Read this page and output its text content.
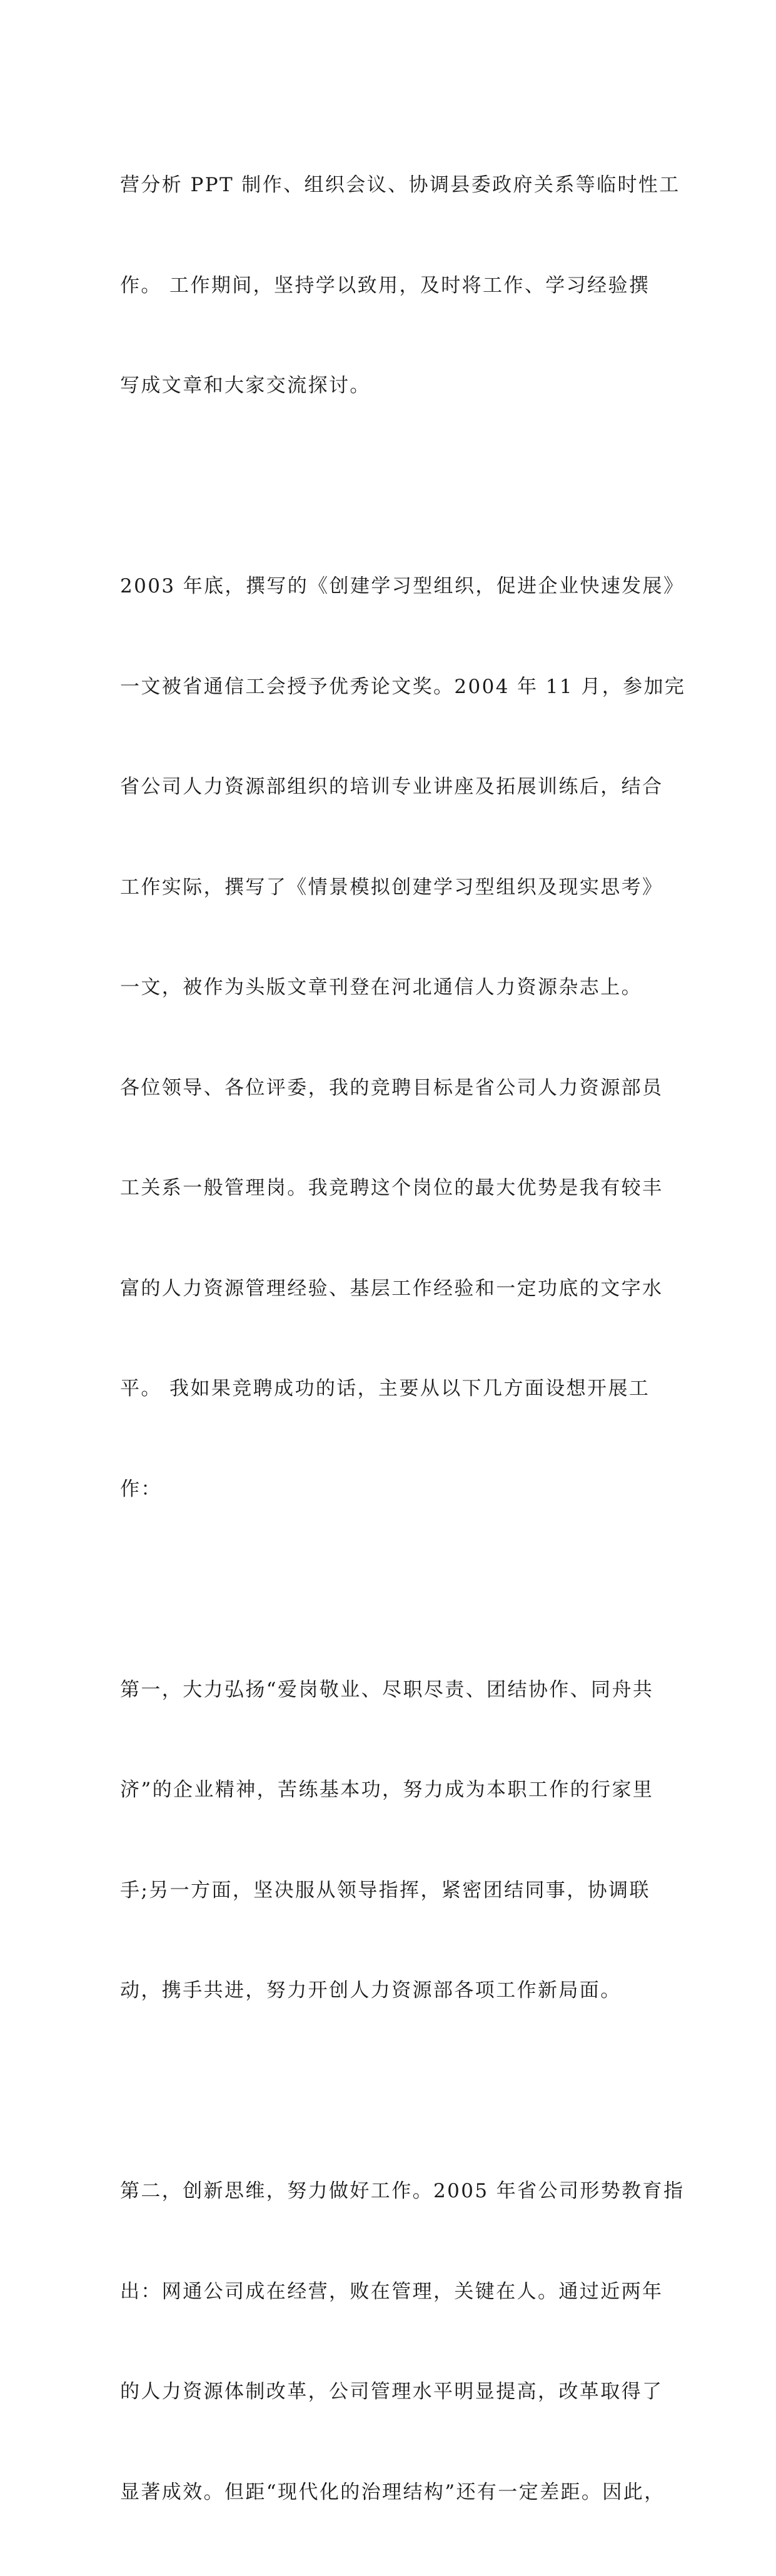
营分析 PPT 制作、组织会议、协调县委政府关系等临时性工

作。 工作期间，坚持学以致用，及时将工作、学习经验撰

写成文章和大家交流探讨。

2003 年底，撰写的《创建学习型组织，促进企业快速发展》

一文被省通信工会授予优秀论文奖。2004 年 11 月，参加完

省公司人力资源部组织的培训专业讲座及拓展训练后，结合

工作实际，撰写了《情景模拟创建学习型组织及现实思考》

一文，被作为头版文章刊登在河北通信人力资源杂志上。

各位领导、各位评委，我的竞聘目标是省公司人力资源部员

工关系一般管理岗。我竞聘这个岗位的最大优势是我有较丰

富的人力资源管理经验、基层工作经验和一定功底的文字水

平。 我如果竞聘成功的话，主要从以下几方面设想开展工

作：

第一，大力弘扬“爱岗敬业、尽职尽责、团结协作、同舟共

济”的企业精神，苦练基本功，努力成为本职工作的行家里

手;另一方面，坚决服从领导指挥，紧密团结同事，协调联

动，携手共进，努力开创人力资源部各项工作新局面。

第二，创新思维，努力做好工作。2005 年省公司形势教育指

出：网通公司成在经营，败在管理，关键在人。通过近两年

的人力资源体制改革，公司管理水平明显提高，改革取得了

显著成效。但距“现代化的治理结构”还有一定差距。因此，
